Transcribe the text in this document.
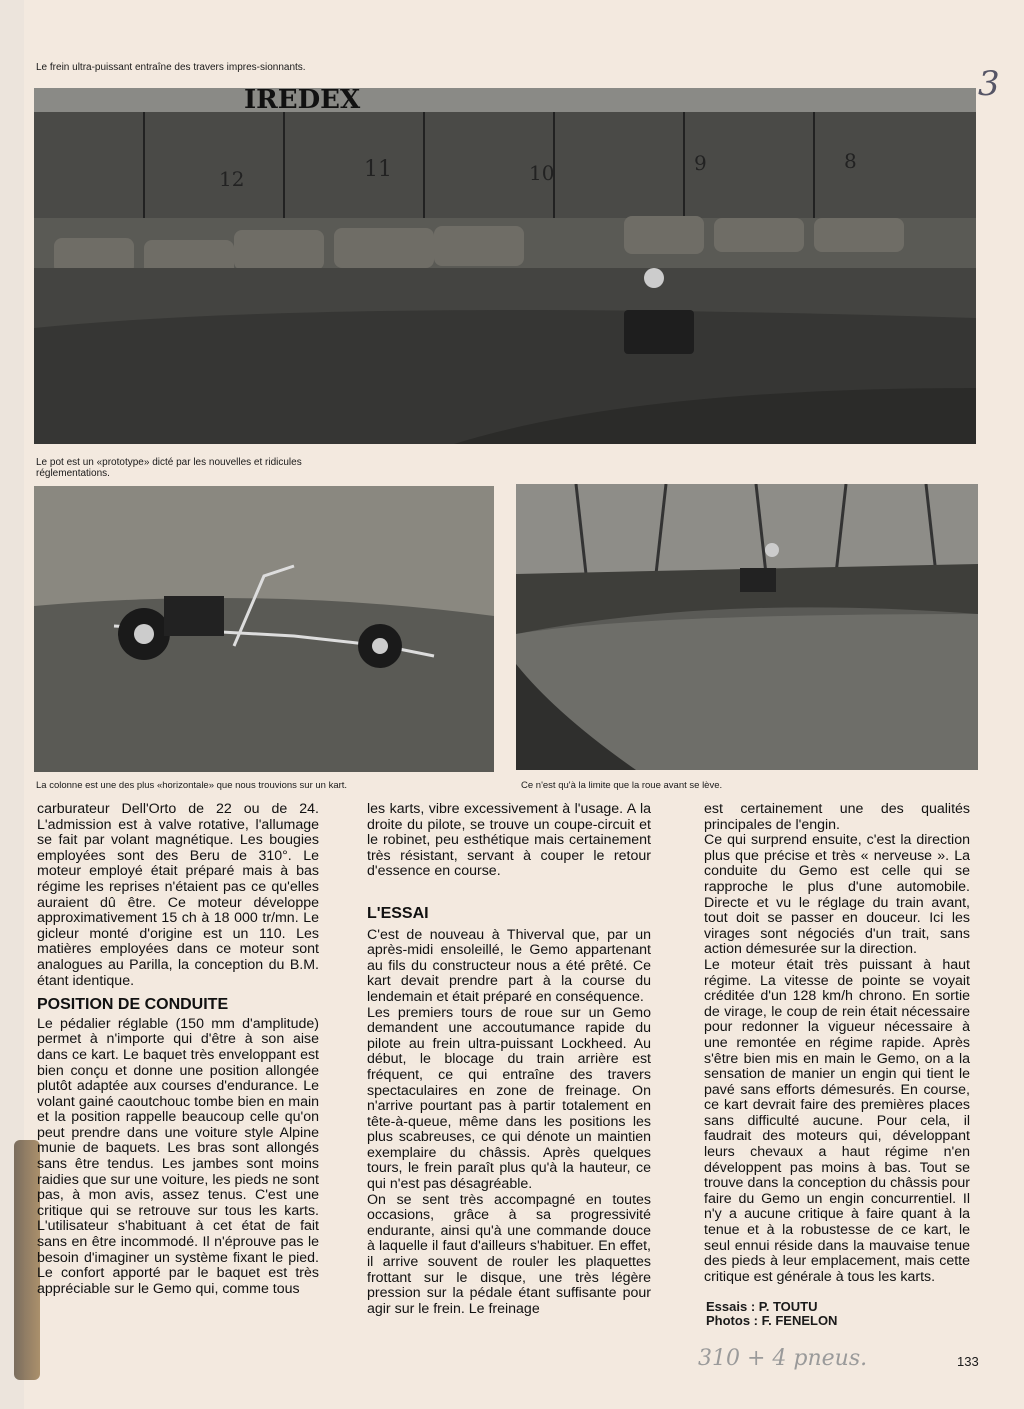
Le frein ultra-puissant entraîne des travers impres-sionnants.	3
IREDEX
12	11	10	9	8
Le pot est un «prototype» dicté par les nouvelles et ridicules réglementations.
La colonne est une des plus «horizontale» que nous trouvions sur un kart.	Ce n'est qu'à la limite que la roue avant se lève.

carburateur Dell'Orto de 22 ou de 24. L'admission est à valve rotative, l'allumage se fait par volant magnétique. Les bougies employées sont des Beru de 310°. Le moteur employé était préparé mais à bas régime les reprises n'étaient pas ce qu'elles auraient dû être. Ce moteur développe approximativement 15 ch à 18 000 tr/mn. Le gicleur monté d'origine est un 110. Les matières employées dans ce moteur sont analogues au Parilla, la conception du B.M. étant identique.

POSITION DE CONDUITE

Le pédalier réglable (150 mm d'amplitude) permet à n'importe qui d'être à son aise dans ce kart. Le baquet très enveloppant est bien conçu et donne une position allongée plutôt adaptée aux courses d'endurance. Le volant gainé caoutchouc tombe bien en main et la position rappelle beaucoup celle qu'on peut prendre dans une voiture style Alpine munie de baquets. Les bras sont allongés sans être tendus. Les jambes sont moins raidies que sur une voiture, les pieds ne sont pas, à mon avis, assez tenus. C'est une critique qui se retrouve sur tous les karts. L'utilisateur s'habituant à cet état de fait sans en être incommodé. Il n'éprouve pas le besoin d'imaginer un système fixant le pied. Le confort apporté par le baquet est très appréciable sur le Gemo qui, comme tous

les karts, vibre excessivement à l'usage. A la droite du pilote, se trouve un coupe-circuit et le robinet, peu esthétique mais certainement très résistant, servant à couper le retour d'essence en course.

L'ESSAI

C'est de nouveau à Thiverval que, par un après-midi ensoleillé, le Gemo appartenant au fils du constructeur nous a été prêté. Ce kart devait prendre part à la course du lendemain et était préparé en conséquence.

Les premiers tours de roue sur un Gemo demandent une accoutumance rapide du pilote au frein ultra-puissant Lockheed. Au début, le blocage du train arrière est fréquent, ce qui entraîne des travers spectaculaires en zone de freinage. On n'arrive pourtant pas à partir totalement en tête-à-queue, même dans les positions les plus scabreuses, ce qui dénote un maintien exemplaire du châssis. Après quelques tours, le frein paraît plus qu'à la hauteur, ce qui n'est pas désagréable.

On se sent très accompagné en toutes occasions, grâce à sa progressivité endurante, ainsi qu'à une commande douce à laquelle il faut d'ailleurs s'habituer. En effet, il arrive souvent de rouler les plaquettes frottant sur le disque, une très légère pression sur la pédale étant suffisante pour agir sur le frein. Le freinage

est certainement une des qualités principales de l'engin.

Ce qui surprend ensuite, c'est la direction plus que précise et très « nerveuse ». La conduite du Gemo est celle qui se rapproche le plus d'une automobile. Directe et vu le réglage du train avant, tout doit se passer en douceur. Ici les virages sont négociés d'un trait, sans action démesurée sur la direction.

Le moteur était très puissant à haut régime. La vitesse de pointe se voyait créditée d'un 128 km/h chrono. En sortie de virage, le coup de rein était nécessaire pour redonner la vigueur nécessaire à une remontée en régime rapide. Après s'être bien mis en main le Gemo, on a la sensation de manier un engin qui tient le pavé sans efforts démesurés. En course, ce kart devrait faire des premières places sans difficulté aucune. Pour cela, il faudrait des moteurs qui, développant leurs chevaux a haut régime n'en développent pas moins à bas. Tout se trouve dans la conception du châssis pour faire du Gemo un engin concurrentiel. Il n'y a aucune critique à faire quant à la tenue et à la robustesse de ce kart, le seul ennui réside dans la mauvaise tenue des pieds à leur emplacement, mais cette critique est générale à tous les karts.

Essais : P. TOUTU
Photos : F. FENELON
310 + 4 pneus.	133
